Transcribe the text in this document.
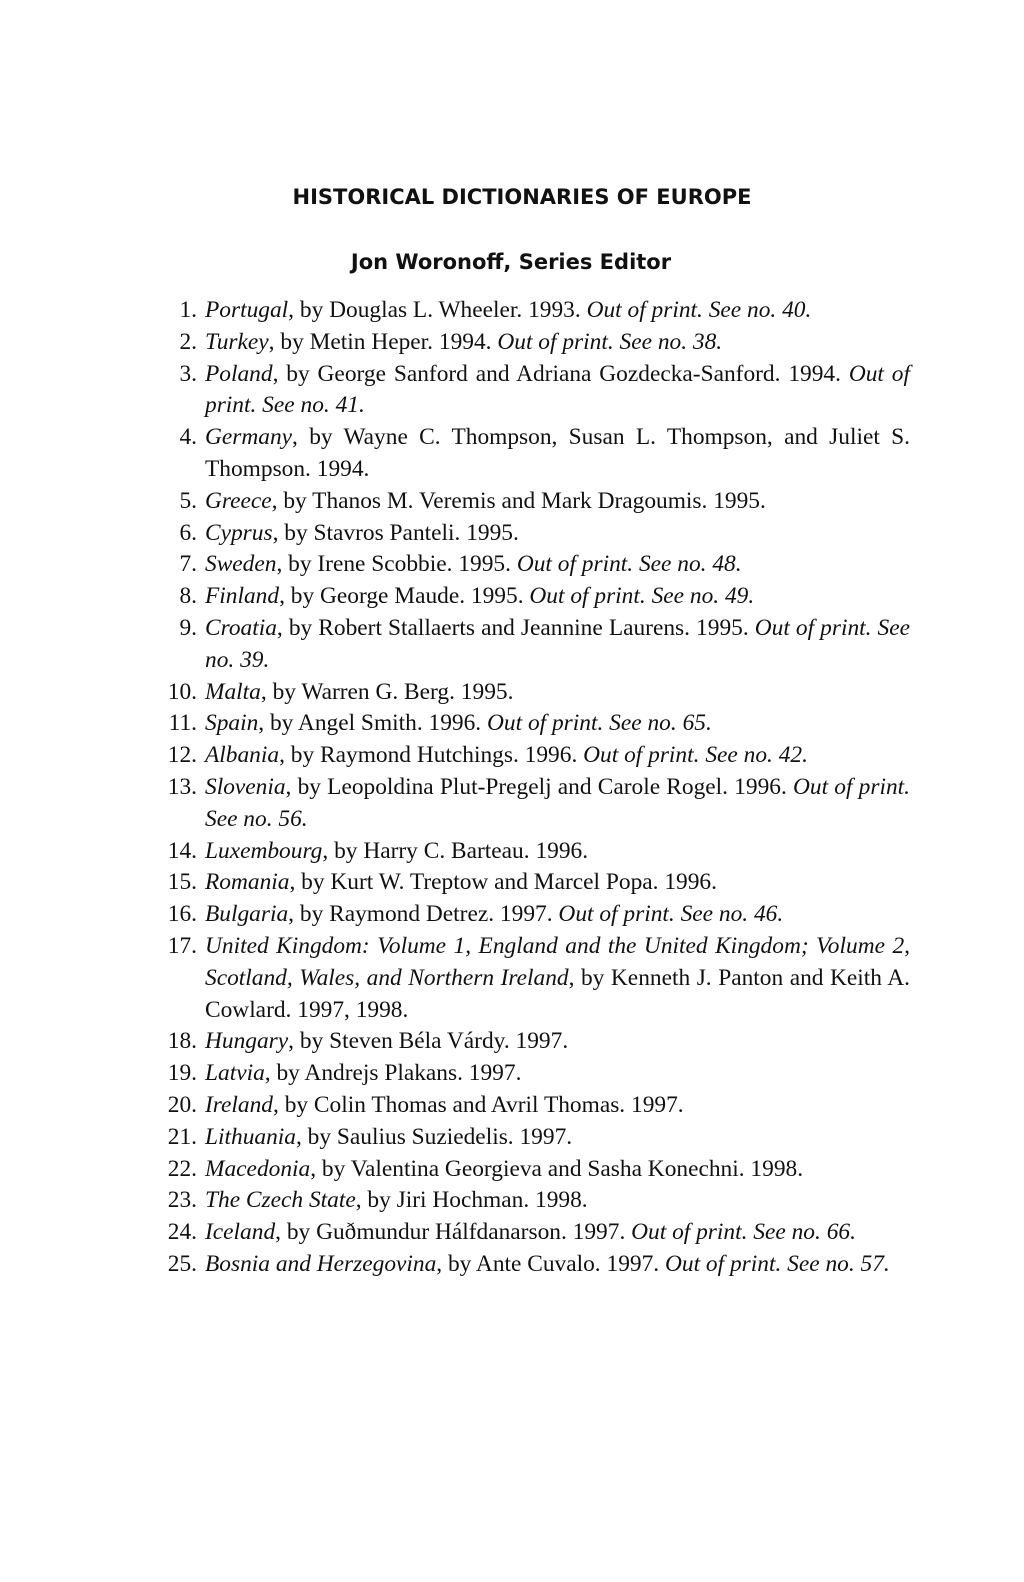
HISTORICAL DICTIONARIES OF EUROPE
Jon Woronoff, Series Editor
1. Portugal, by Douglas L. Wheeler. 1993. Out of print. See no. 40.
2. Turkey, by Metin Heper. 1994. Out of print. See no. 38.
3. Poland, by George Sanford and Adriana Gozdecka-Sanford. 1994. Out of print. See no. 41.
4. Germany, by Wayne C. Thompson, Susan L. Thompson, and Juliet S. Thompson. 1994.
5. Greece, by Thanos M. Veremis and Mark Dragoumis. 1995.
6. Cyprus, by Stavros Panteli. 1995.
7. Sweden, by Irene Scobbie. 1995. Out of print. See no. 48.
8. Finland, by George Maude. 1995. Out of print. See no. 49.
9. Croatia, by Robert Stallaerts and Jeannine Laurens. 1995. Out of print. See no. 39.
10. Malta, by Warren G. Berg. 1995.
11. Spain, by Angel Smith. 1996. Out of print. See no. 65.
12. Albania, by Raymond Hutchings. 1996. Out of print. See no. 42.
13. Slovenia, by Leopoldina Plut-Pregelj and Carole Rogel. 1996. Out of print. See no. 56.
14. Luxembourg, by Harry C. Barteau. 1996.
15. Romania, by Kurt W. Treptow and Marcel Popa. 1996.
16. Bulgaria, by Raymond Detrez. 1997. Out of print. See no. 46.
17. United Kingdom: Volume 1, England and the United Kingdom; Volume 2, Scotland, Wales, and Northern Ireland, by Kenneth J. Panton and Keith A. Cowlard. 1997, 1998.
18. Hungary, by Steven Béla Várdy. 1997.
19. Latvia, by Andrejs Plakans. 1997.
20. Ireland, by Colin Thomas and Avril Thomas. 1997.
21. Lithuania, by Saulius Suziedelis. 1997.
22. Macedonia, by Valentina Georgieva and Sasha Konechni. 1998.
23. The Czech State, by Jiri Hochman. 1998.
24. Iceland, by Guðmundur Hálfdanarson. 1997. Out of print. See no. 66.
25. Bosnia and Herzegovina, by Ante Cuvalo. 1997. Out of print. See no. 57.
